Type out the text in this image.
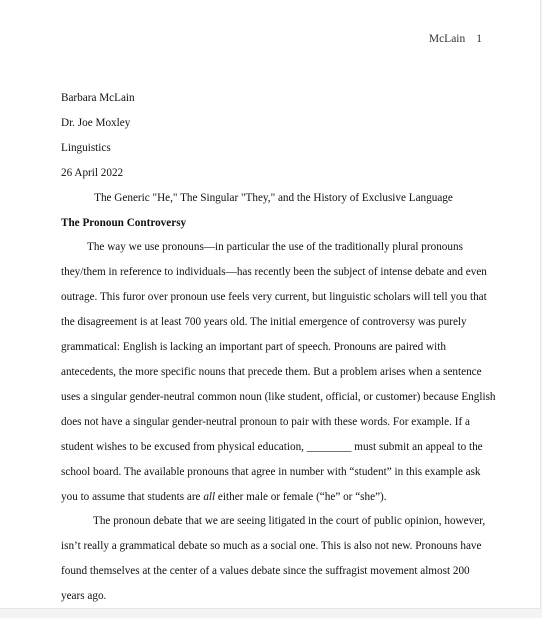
McLain 1
Barbara McLain
Dr. Joe Moxley
Linguistics
26 April 2022
The Generic "He," The Singular "They," and the History of Exclusive Language
The Pronoun Controversy
The way we use pronouns—in particular the use of the traditionally plural pronouns
they/them in reference to individuals—has recently been the subject of intense debate and even
outrage. This furor over pronoun use feels very current, but linguistic scholars will tell you that
the disagreement is at least 700 years old. The initial emergence of controversy was purely
grammatical: English is lacking an important part of speech. Pronouns are paired with
antecedents, the more specific nouns that precede them. But a problem arises when a sentence
uses a singular gender-neutral common noun (like student, official, or customer) because English
does not have a singular gender-neutral pronoun to pair with these words. For example. If a
student wishes to be excused from physical education, ________ must submit an appeal to the
school board. The available pronouns that agree in number with “student” in this example ask
you to assume that students are all either male or female (“he” or “she”).
The pronoun debate that we are seeing litigated in the court of public opinion, however,
isn’t really a grammatical debate so much as a social one. This is also not new. Pronouns have
found themselves at the center of a values debate since the suffragist movement almost 200
years ago.
